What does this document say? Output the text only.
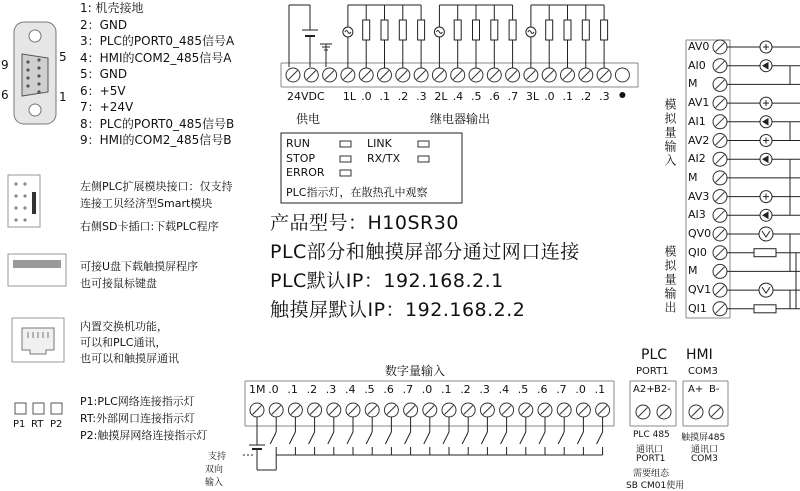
1: 机壳接地
2：GND
3：PLC的PORT0_485信号A
4：HMI的COM2_485信号A
5：GND
6：+5V
7：+24V
8：PLC的PORT0_485信号B
9：HMI的COM2_485信号B
9
5
6	1
左侧PLC扩展模块接口：仅支持
连接工贝经济型Smart模块
右侧SD卡插口:下载PLC程序
可接U盘下载触摸屏程序
也可接鼠标键盘
内置交换机功能，
可以和PLC通讯，
也可以和触摸屏通讯
P1 RT P2
P1:PLC网络连接指示灯
RT:外部网口连接指示灯
P2:触摸屏网络连接指示灯
24VDC
供电	继电器输出
1L .0 .1 .2 .3 2L .4 .5 .6 .7 3L .0 .1 .2 .3
RUN
STOP
ERROR
LINK
RX/TX
PLC指示灯，在散热孔中观察
产品型号：H10SR30
PLC部分和触摸屏部分通过网口连接
PLC默认IP：192.168.2.1
触摸屏默认IP：192.168.2.2
AV0
AI0
M
AV1
AI1
AV2
AI2
M
AV3
AI3
QV0
QI0
M
QV1
QI1
模拟量输入
模拟量输出
数字量输入
1M .0 .1 .2 .3 .4 .5 .6 .7 .0 .1 .2 .3 .4 .5 .6 .7 .0 .1
支持
双向
输入
PLC
PORT1
HMI
COM3
A2+ B2- A+ B-
PLC 485
通讯口
PORT1
需要组态
SB CM01使用
触摸屏485
通讯口
COM3
